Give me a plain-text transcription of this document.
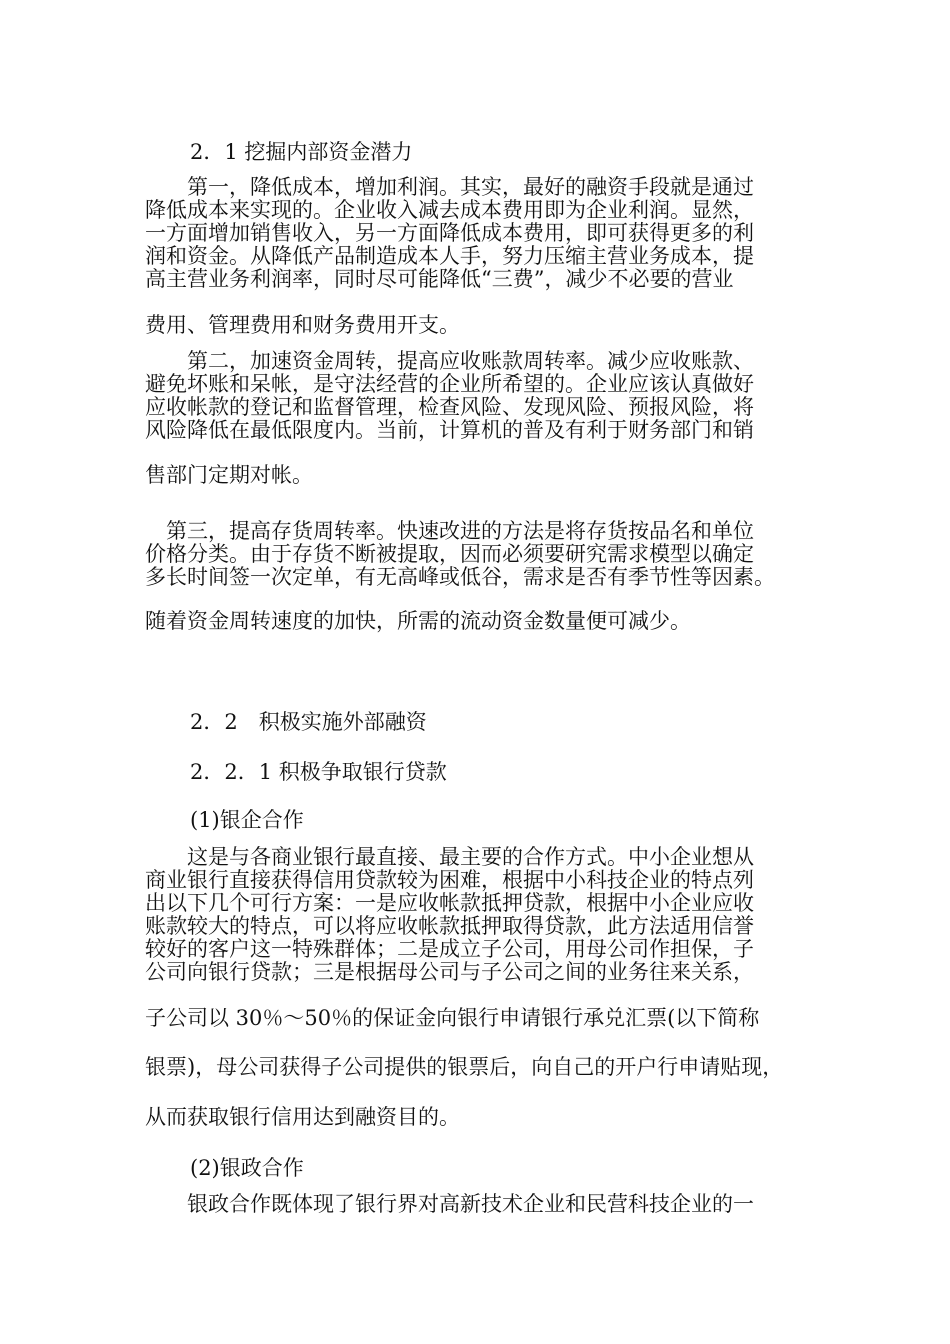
2．1 挖掘内部资金潜力
　　第一，降低成本，增加利润。其实，最好的融资手段就是通过
降低成本来实现的。企业收入减去成本费用即为企业利润。显然，
一方面增加销售收入，另一方面降低成本费用，即可获得更多的利
润和资金。从降低产品制造成本人手，努力压缩主营业务成本，提
高主营业务利润率，同时尽可能降低“三费”，减少不必要的营业
费用、管理费用和财务费用开支。
　　第二，加速资金周转，提高应收账款周转率。减少应收账款、
避免坏账和呆帐，是守法经营的企业所希望的。企业应该认真做好
应收帐款的登记和监督管理，检查风险、发现风险、预报风险，将
风险降低在最低限度内。当前，计算机的普及有利于财务部门和销
售部门定期对帐。
　第三，提高存货周转率。快速改进的方法是将存货按品名和单位
价格分类。由于存货不断被提取，因而必须要研究需求模型以确定
多长时间签一次定单，有无高峰或低谷，需求是否有季节性等因素。
随着资金周转速度的加快，所需的流动资金数量便可减少。
2．2　积极实施外部融资
2．2．1 积极争取银行贷款
(1)银企合作
　　这是与各商业银行最直接、最主要的合作方式。中小企业想从
商业银行直接获得信用贷款较为困难，根据中小科技企业的特点列
出以下几个可行方案：一是应收帐款抵押贷款，根据中小企业应收
账款较大的特点，可以将应收帐款抵押取得贷款，此方法适用信誉
较好的客户这一特殊群体；二是成立子公司，用母公司作担保，子
公司向银行贷款；三是根据母公司与子公司之间的业务往来关系，
子公司以 30％～50％的保证金向银行申请银行承兑汇票(以下简称
银票)，母公司获得子公司提供的银票后，向自己的开户行申请贴现，
从而获取银行信用达到融资目的。
(2)银政合作
　　银政合作既体现了银行界对高新技术企业和民营科技企业的一
